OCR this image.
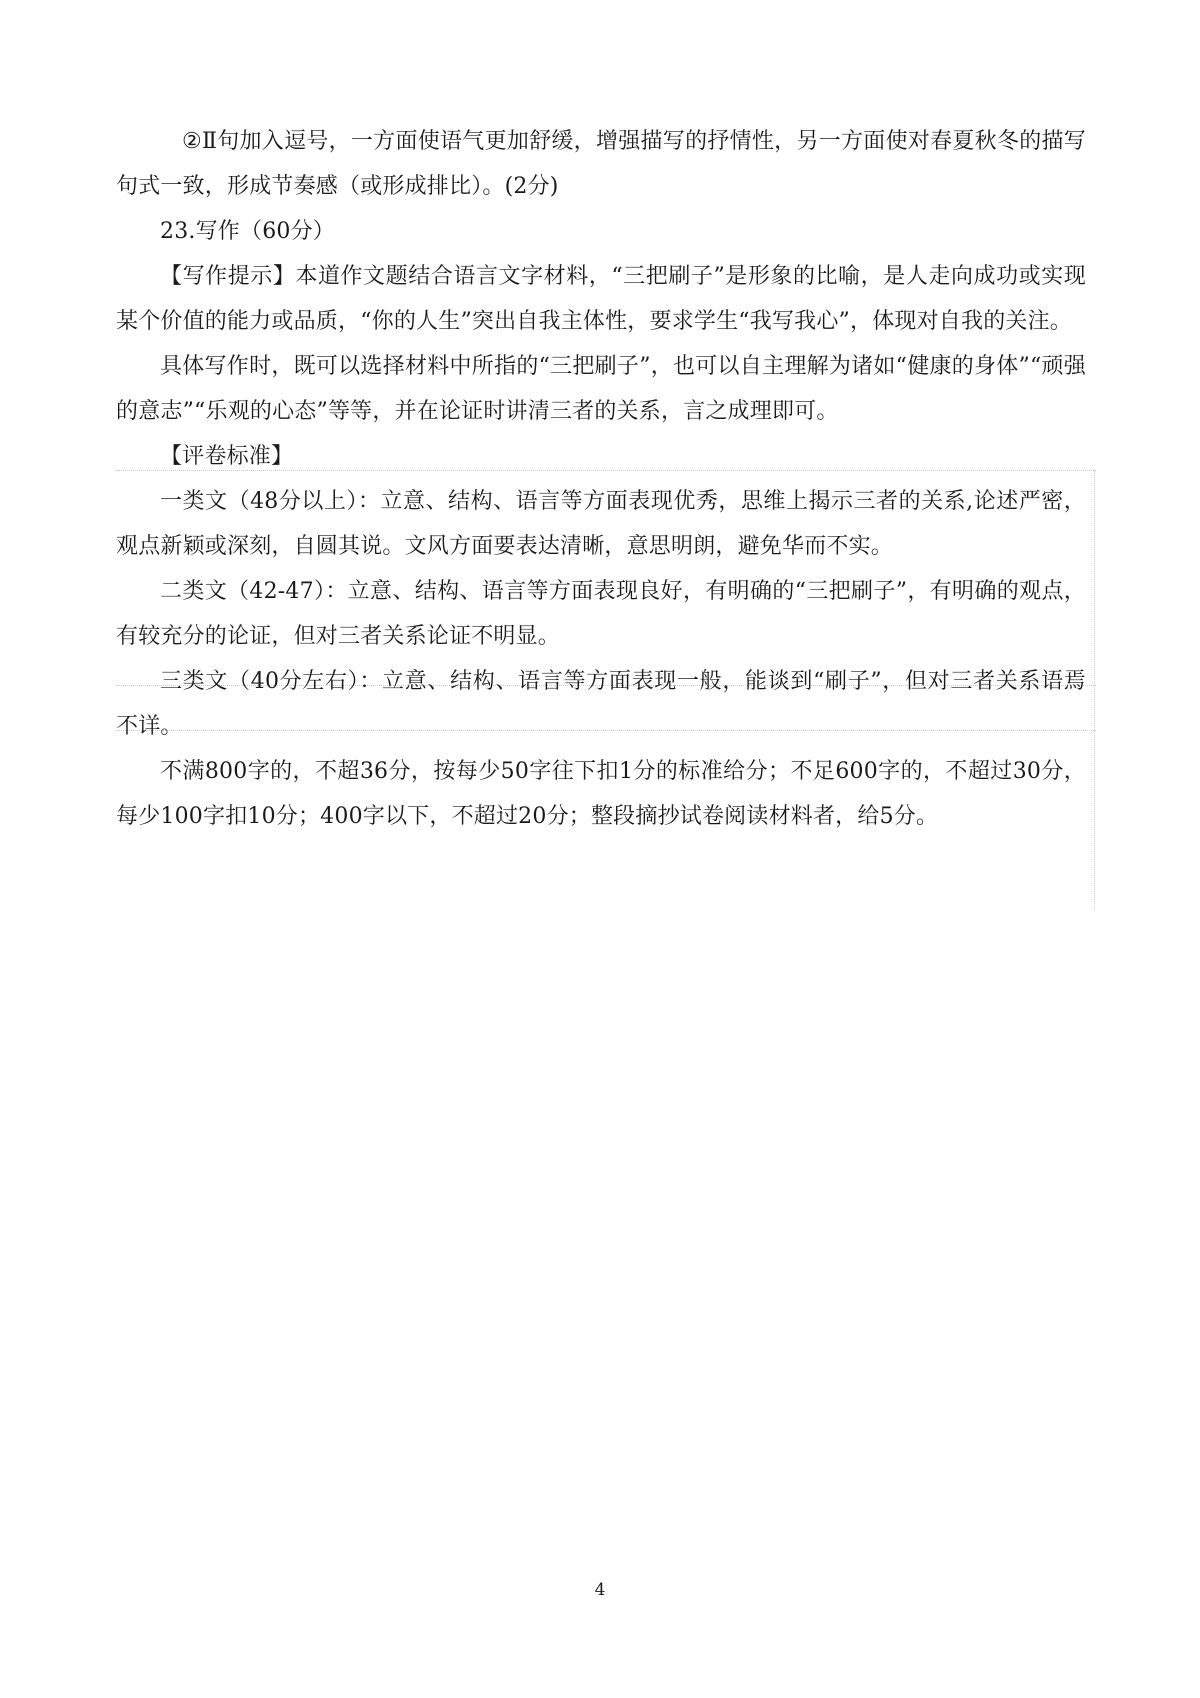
②Ⅱ句加入逗号，一方面使语气更加舒缓，增强描写的抒情性，另一方面使对春夏秋冬的描写句式一致，形成节奏感（或形成排比）。(2分)

23.写作（60分）

【写作提示】本道作文题结合语言文字材料，“三把刷子”是形象的比喻，是人走向成功或实现某个价值的能力或品质，“你的人生”突出自我主体性，要求学生“我写我心”，体现对自我的关注。

具体写作时，既可以选择材料中所指的“三把刷子”，也可以自主理解为诸如“健康的身体”“顽强的意志”“乐观的心态”等等，并在论证时讲清三者的关系，言之成理即可。

【评卷标准】

一类文（48分以上）：立意、结构、语言等方面表现优秀，思维上揭示三者的关系,论述严密，观点新颖或深刻，自圆其说。文风方面要表达清晰，意思明朗，避免华而不实。

二类文（42-47）：立意、结构、语言等方面表现良好，有明确的“三把刷子”，有明确的观点，有较充分的论证，但对三者关系论证不明显。

三类文（40分左右）：立意、结构、语言等方面表现一般，能谈到“刷子”，但对三者关系语焉不详。

不满800字的，不超36分，按每少50字往下扣1分的标准给分；不足600字的，不超过30分，每少100字扣10分；400字以下，不超过20分；整段摘抄试卷阅读材料者，给5分。

4
